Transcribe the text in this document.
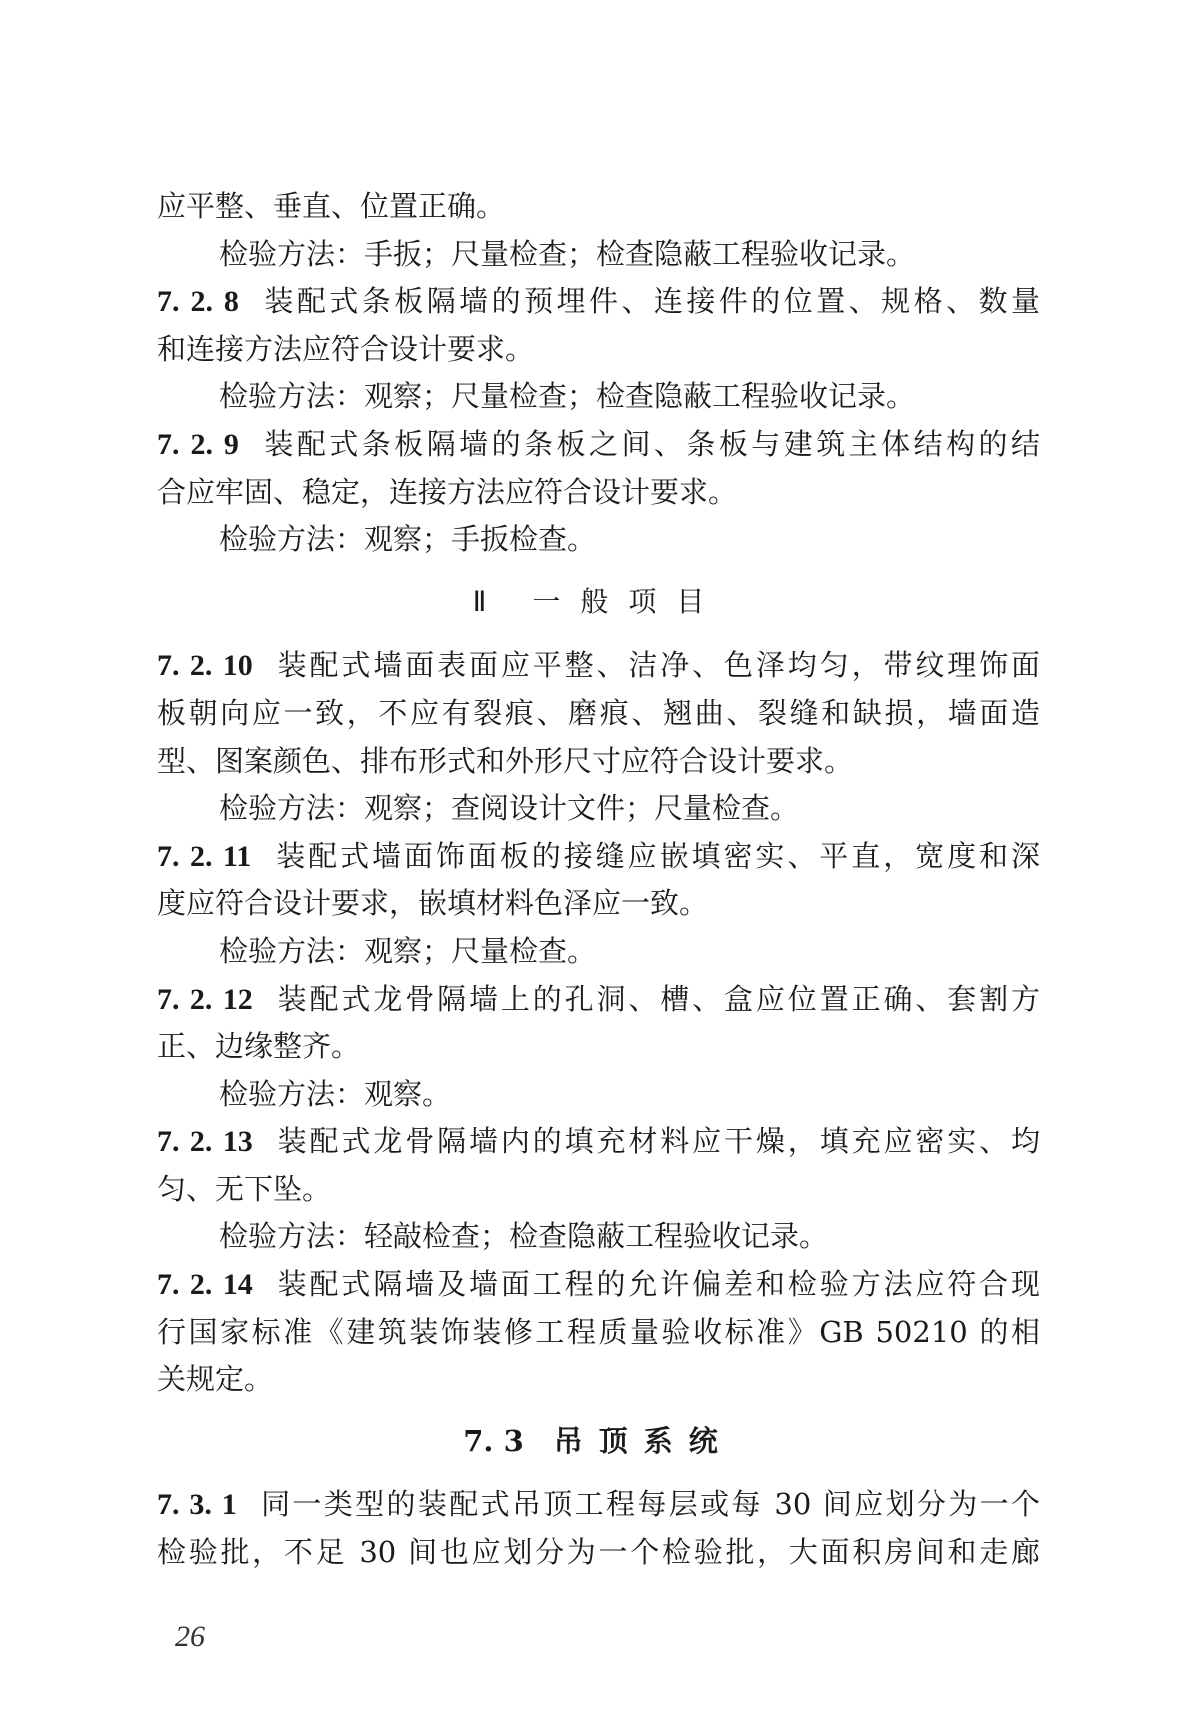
应平整、垂直、位置正确。
检验方法：手扳；尺量检查；检查隐蔽工程验收记录。
7. 2. 8 装配式条板隔墙的预埋件、连接件的位置、规格、数量
和连接方法应符合设计要求。
检验方法：观察；尺量检查；检查隐蔽工程验收记录。
7. 2. 9 装配式条板隔墙的条板之间、条板与建筑主体结构的结
合应牢固、稳定，连接方法应符合设计要求。
检验方法：观察；手扳检查。
Ⅱ 一般项目
7. 2. 10 装配式墙面表面应平整、洁净、色泽均匀，带纹理饰面
板朝向应一致，不应有裂痕、磨痕、翘曲、裂缝和缺损，墙面造
型、图案颜色、排布形式和外形尺寸应符合设计要求。
检验方法：观察；查阅设计文件；尺量检查。
7. 2. 11 装配式墙面饰面板的接缝应嵌填密实、平直，宽度和深
度应符合设计要求，嵌填材料色泽应一致。
检验方法：观察；尺量检查。
7. 2. 12 装配式龙骨隔墙上的孔洞、槽、盒应位置正确、套割方
正、边缘整齐。
检验方法：观察。
7. 2. 13 装配式龙骨隔墙内的填充材料应干燥，填充应密实、均
匀、无下坠。
检验方法：轻敲检查；检查隐蔽工程验收记录。
7. 2. 14 装配式隔墙及墙面工程的允许偏差和检验方法应符合现
行国家标准《建筑装饰装修工程质量验收标准》GB 50210 的相
关规定。
7. 3 吊顶系统
7. 3. 1 同一类型的装配式吊顶工程每层或每 30 间应划分为一个
检验批，不足 30 间也应划分为一个检验批，大面积房间和走廊
26
